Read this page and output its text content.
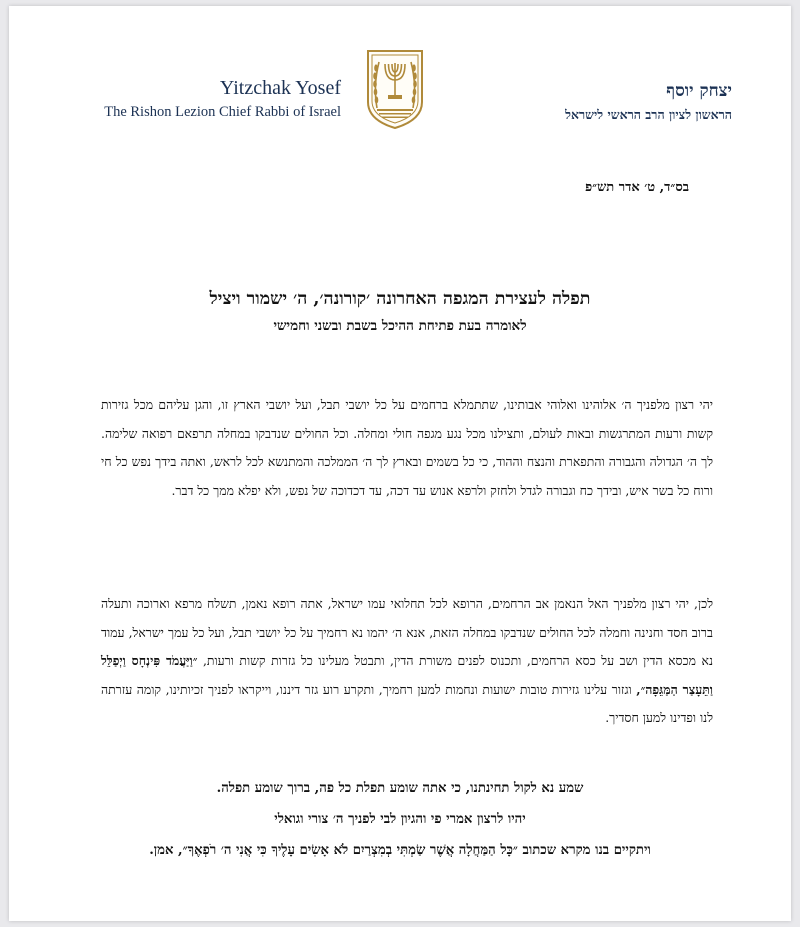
Yitzchak Yosef
The Rishon Lezion Chief Rabbi of Israel
יצחק יוסף
הראשון לציון הרב הראשי לישראל
בס״ד, ט׳ אדר תש״פ
תפלה לעצירת המגפה האחרונה ׳קורונה׳, ה׳ ישמור ויציל
לאומרה בעת פתיחת ההיכל בשבת ובשני וחמישי
יהי רצון מלפניך ה׳ אלוהינו ואלוהי אבותינו, שתתמלא ברחמים על כל יושבי תבל, ועל יושבי הארץ זו, והגן עליהם מכל גזירות קשות ורעות המתרגשות ובאות לעולם, ותצילנו מכל נגע מגפה חולי ומחלה. וכל החולים שנדבקו במחלה תרפאם רפואה שלימה. לך ה׳ הגדולה והגבורה והתפארת והנצח וההוד, כי כל בשמים ובארץ לך ה׳ הממלכה והמתנשא לכל לראש, ואתה בידך נפש כל חי ורוח כל בשר איש, ובידך כח וגבורה לגדל ולחזק ולרפא אנוש עד דכה, עד דכדוכה של נפש, ולא יפלא ממך כל דבר.
לכן, יהי רצון מלפניך האל הנאמן אב הרחמים, הרופא לכל תחלואי עמו ישראל, אתה רופא נאמן, תשלח מרפא וארוכה ותעלה ברוב חסד וחנינה וחמלה לכל החולים שנדבקו במחלה הזאת, אנא ה׳ יהמו נא רחמיך על כל יושבי תבל, ועל כל עמך ישראל, עמוד נא מכסא הדין ושב על כסא הרחמים, ותכנוס לפנים משורת הדין, ותבטל מעלינו כל גזרות קשות ורעות, ״וַיַּעֲמֹד פִּינְחָס וַיְפַלֵּל וַתֵּעָצַר הַמַּגֵּפָה״, וגזור עלינו גזירות טובות ישועות ונחמות למען רחמיך, ותקרע רוע גזר דיננו, וייקראו לפניך זכיותינו, קומה עזרתה לנו ופדינו למען חסדיך.
שמע נא לקול תחינתנו, כי אתה שומע תפלת כל פה, ברוך שומע תפלה.
יהיו לרצון אמרי פי והגיון לבי לפניך ה׳ צורי וגואלי
ויתקיים בנו מקרא שכתוב ״כָּל הַמַּחֲלָה אֲשֶׁר שַׂמְתִּי בְמִצְרַיִם לֹא אָשִׂים עָלֶיךָ כִּי אֲנִי ה׳ רֹפְאֶךָ״, אמן.
